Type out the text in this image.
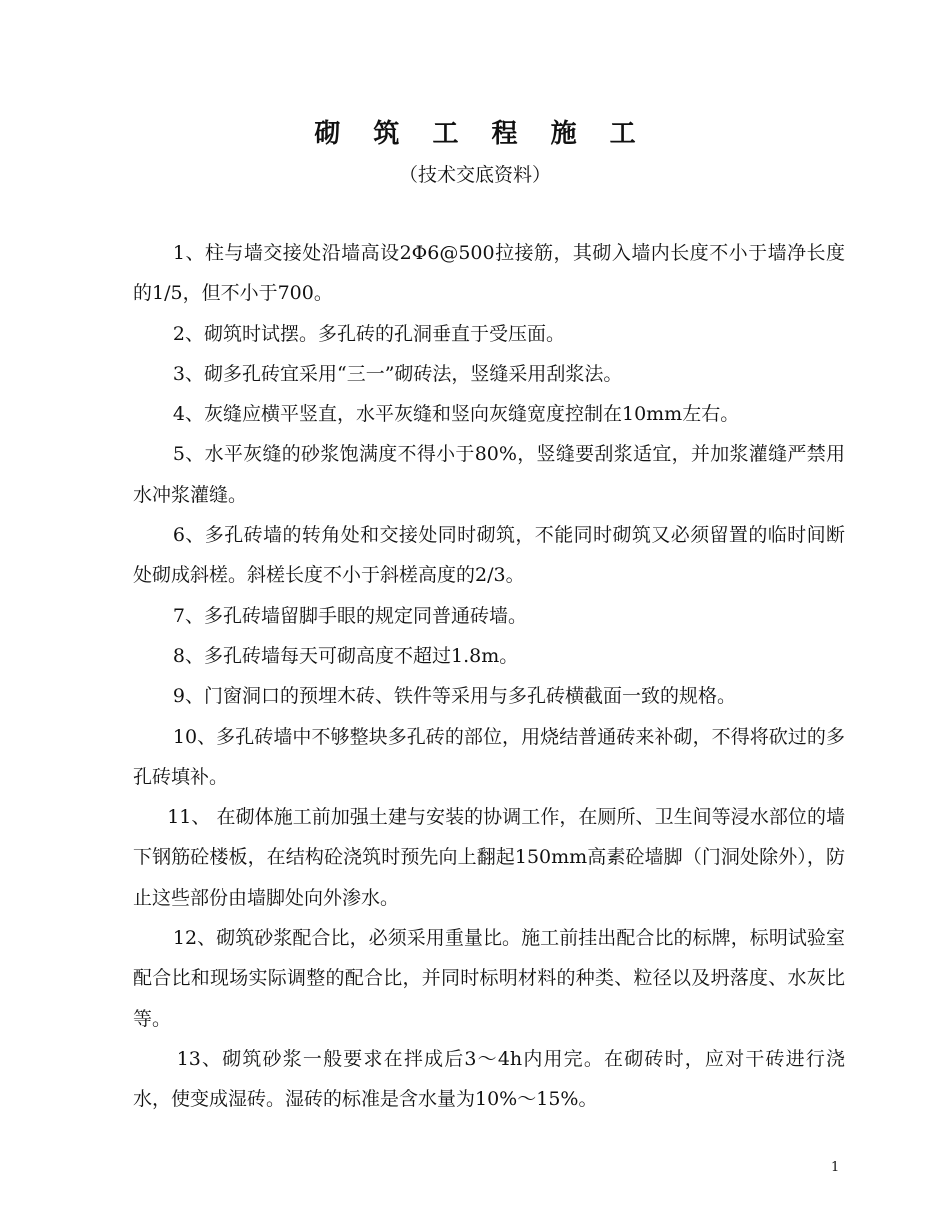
砌 筑 工 程 施 工
（技术交底资料）

1、柱与墙交接处沿墙高设2Φ6@500拉接筋，其砌入墙内长度不小于墙净长度的1/5，但不小于700。

2、砌筑时试摆。多孔砖的孔洞垂直于受压面。

3、砌多孔砖宜采用“三一”砌砖法，竖缝采用刮浆法。

4、灰缝应横平竖直，水平灰缝和竖向灰缝宽度控制在10mm左右。

5、水平灰缝的砂浆饱满度不得小于80%，竖缝要刮浆适宜，并加浆灌缝严禁用水冲浆灌缝。

6、多孔砖墙的转角处和交接处同时砌筑，不能同时砌筑又必须留置的临时间断处砌成斜槎。斜槎长度不小于斜槎高度的2/3。

7、多孔砖墙留脚手眼的规定同普通砖墙。

8、多孔砖墙每天可砌高度不超过1.8m。

9、门窗洞口的预埋木砖、铁件等采用与多孔砖横截面一致的规格。

10、多孔砖墙中不够整块多孔砖的部位，用烧结普通砖来补砌，不得将砍过的多孔砖填补。

11、 在砌体施工前加强土建与安装的协调工作，在厕所、卫生间等浸水部位的墙下钢筋砼楼板，在结构砼浇筑时预先向上翻起150mm高素砼墙脚（门洞处除外），防止这些部份由墙脚处向外渗水。

12、砌筑砂浆配合比，必须采用重量比。施工前挂出配合比的标牌，标明试验室配合比和现场实际调整的配合比，并同时标明材料的种类、粒径以及坍落度、水灰比等。

13、砌筑砂浆一般要求在拌成后3～4h内用完。在砌砖时，应对干砖进行浇水，使变成湿砖。湿砖的标准是含水量为10%～15%。

1
